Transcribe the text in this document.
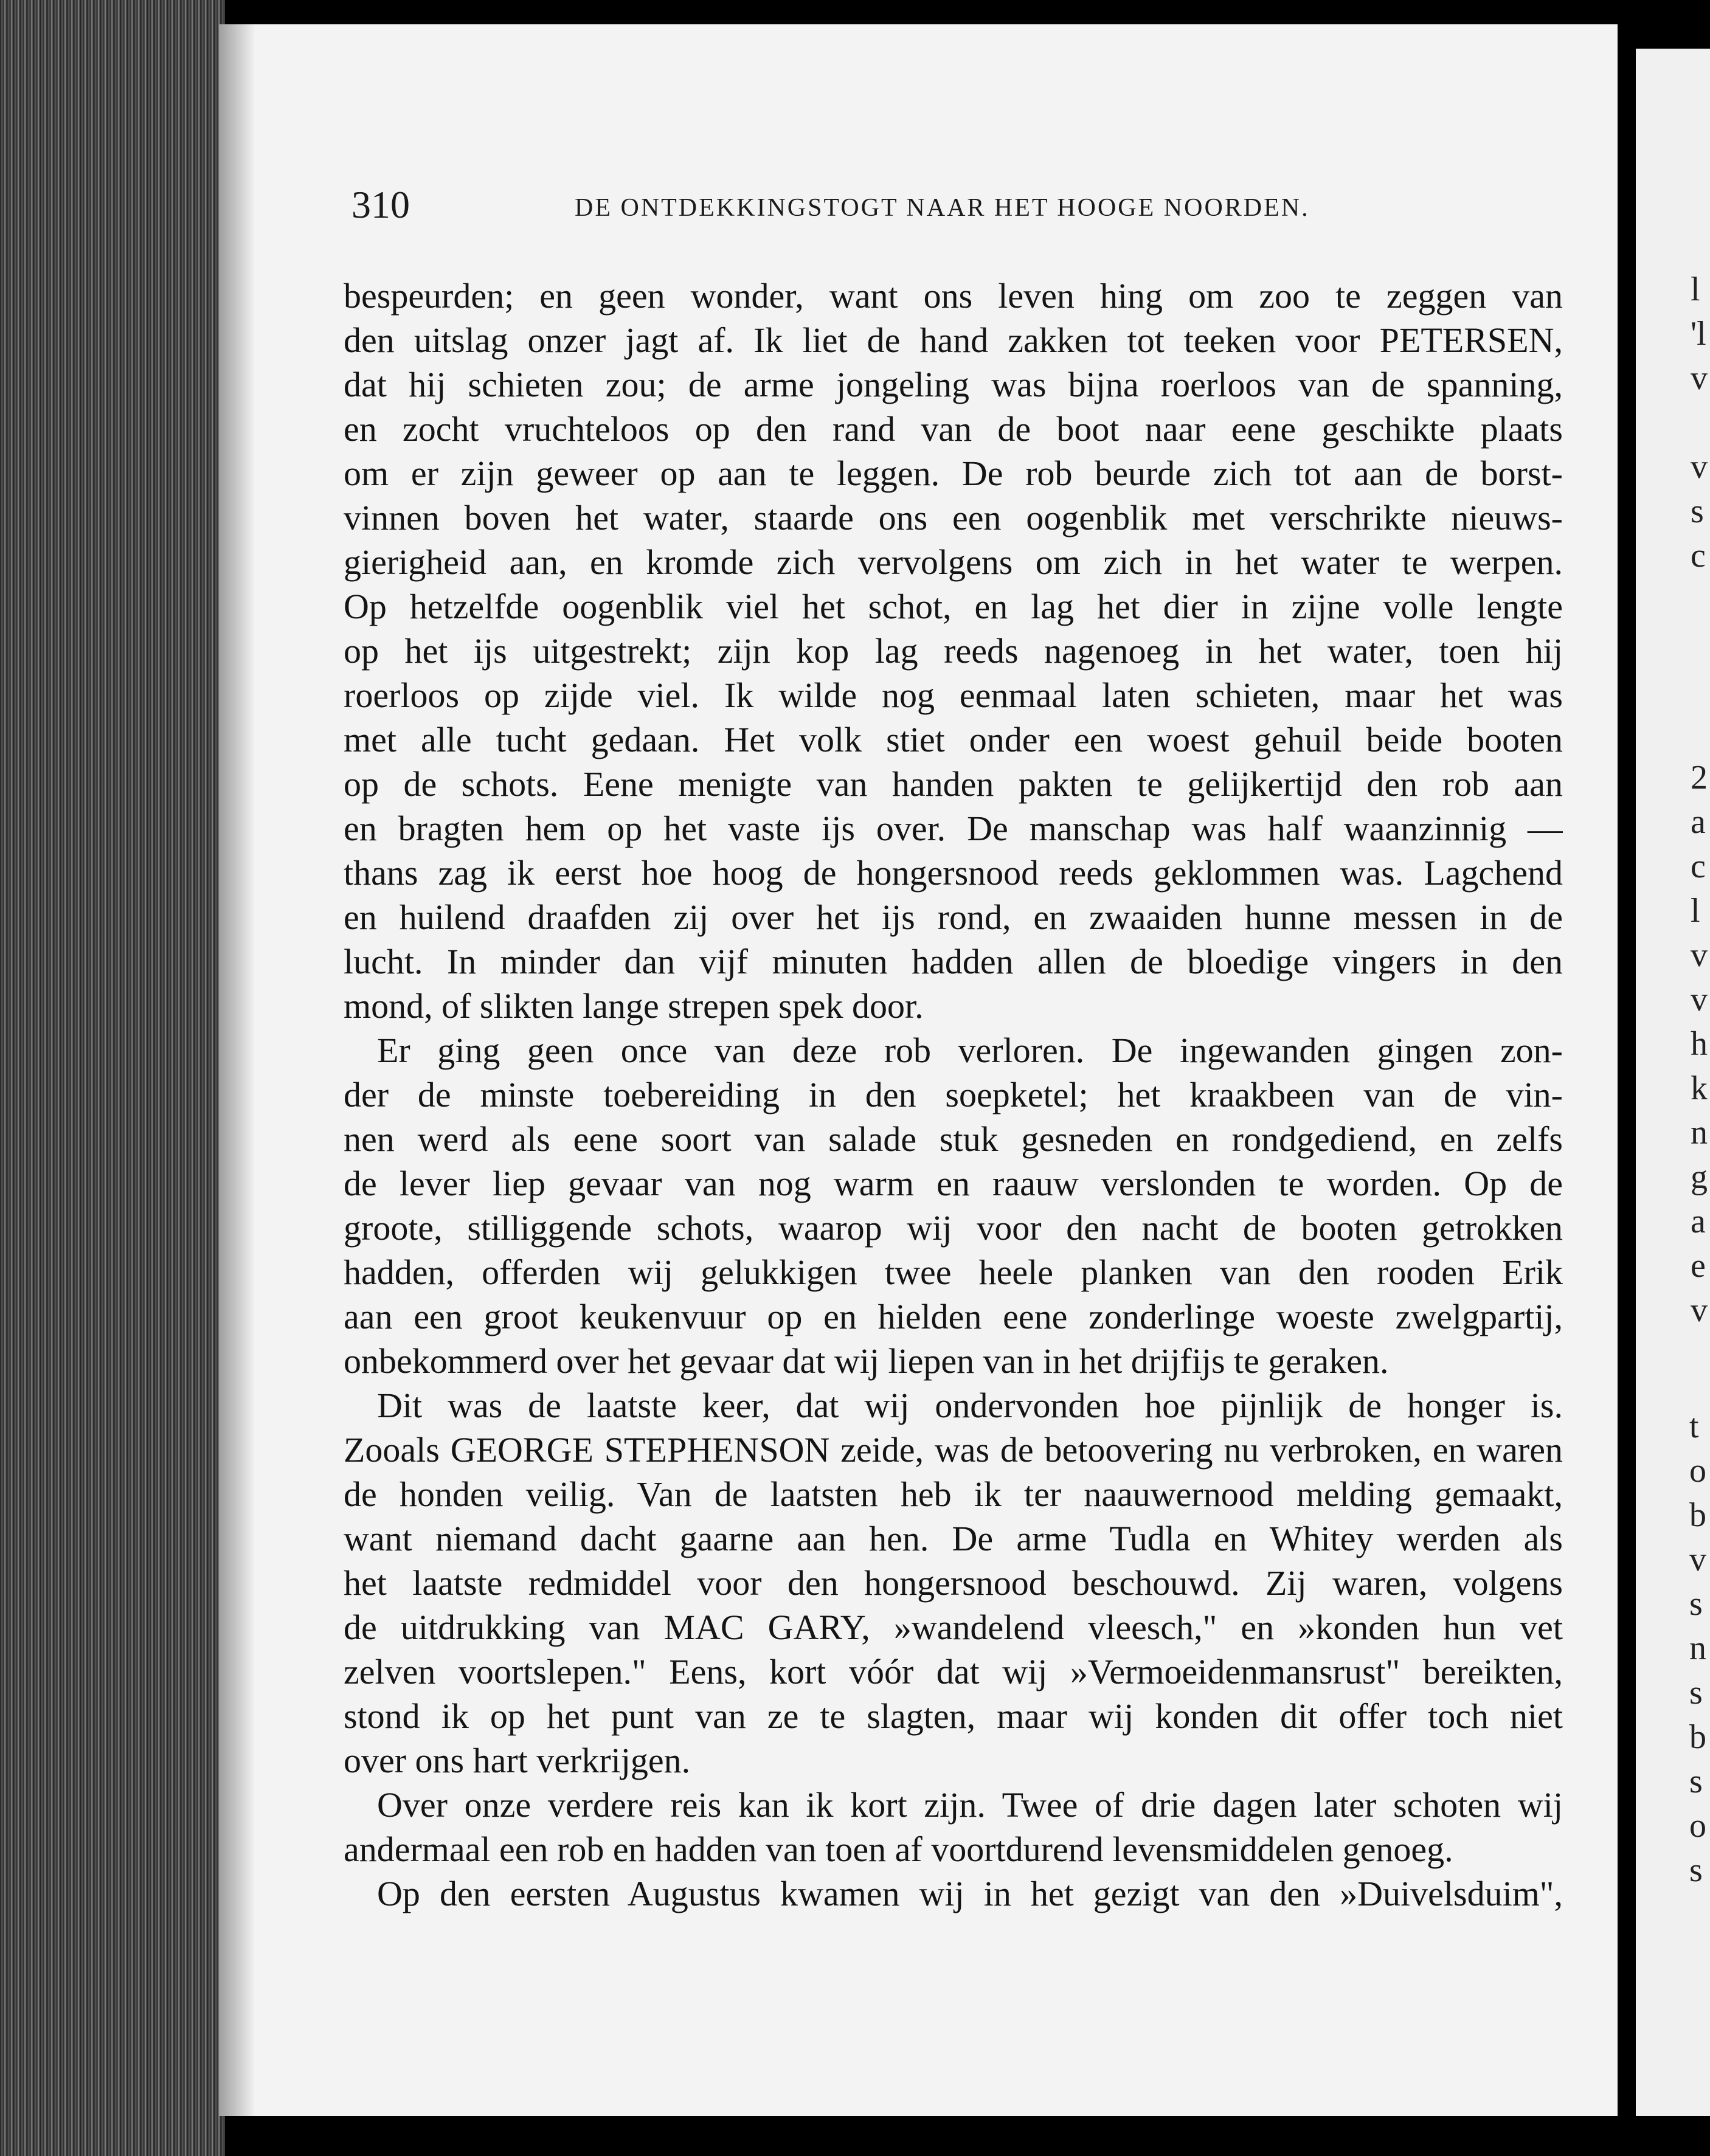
310	DE ONTDEKKINGSTOGT NAAR HET HOOGE NOORDEN.
bespeurden; en geen wonder, want ons leven hing om zoo te zeggen van
den uitslag onzer jagt af. Ik liet de hand zakken tot teeken voor PETERSEN,
dat hij schieten zou; de arme jongeling was bijna roerloos van de spanning,
en zocht vruchteloos op den rand van de boot naar eene geschikte plaats
om er zijn geweer op aan te leggen. De rob beurde zich tot aan de borst-
vinnen boven het water, staarde ons een oogenblik met verschrikte nieuws-
gierigheid aan, en kromde zich vervolgens om zich in het water te werpen.
Op hetzelfde oogenblik viel het schot, en lag het dier in zijne volle lengte
op het ijs uitgestrekt; zijn kop lag reeds nagenoeg in het water, toen hij
roerloos op zijde viel. Ik wilde nog eenmaal laten schieten, maar het was
met alle tucht gedaan. Het volk stiet onder een woest gehuil beide booten
op de schots. Eene menigte van handen pakten te gelijkertijd den rob aan
en bragten hem op het vaste ijs over. De manschap was half waanzinnig —
thans zag ik eerst hoe hoog de hongersnood reeds geklommen was. Lagchend
en huilend draafden zij over het ijs rond, en zwaaiden hunne messen in de
lucht. In minder dan vijf minuten hadden allen de bloedige vingers in den
mond, of slikten lange strepen spek door.
Er ging geen once van deze rob verloren. De ingewanden gingen zon-
der de minste toebereiding in den soepketel; het kraakbeen van de vin-
nen werd als eene soort van salade stuk gesneden en rondgediend, en zelfs
de lever liep gevaar van nog warm en raauw verslonden te worden. Op de
groote, stilliggende schots, waarop wij voor den nacht de booten getrokken
hadden, offerden wij gelukkigen twee heele planken van den rooden Erik
aan een groot keukenvuur op en hielden eene zonderlinge woeste zwelgpartij,
onbekommerd over het gevaar dat wij liepen van in het drijfijs te geraken.
Dit was de laatste keer, dat wij ondervonden hoe pijnlijk de honger is.
Zooals GEORGE STEPHENSON zeide, was de betoovering nu verbroken, en waren
de honden veilig. Van de laatsten heb ik ter naauwernood melding gemaakt,
want niemand dacht gaarne aan hen. De arme Tudla en Whitey werden als
het laatste redmiddel voor den hongersnood beschouwd. Zij waren, volgens
de uitdrukking van MAC GARY, »wandelend vleesch," en »konden hun vet
zelven voortslepen." Eens, kort vóór dat wij »Vermoeidenmansrust" bereikten,
stond ik op het punt van ze te slagten, maar wij konden dit offer toch niet
over ons hart verkrijgen.
Over onze verdere reis kan ik kort zijn. Twee of drie dagen later schoten wij
andermaal een rob en hadden van toen af voortdurend levensmiddelen genoeg.
Op den eersten Augustus kwamen wij in het gezigt van den »Duivelsduim",
l
'l
v
v
s
c
2
a
c
l
v
v
h
k
n
g
a
e
v
t
o
b
v
s
n
s
b
s
o
s
